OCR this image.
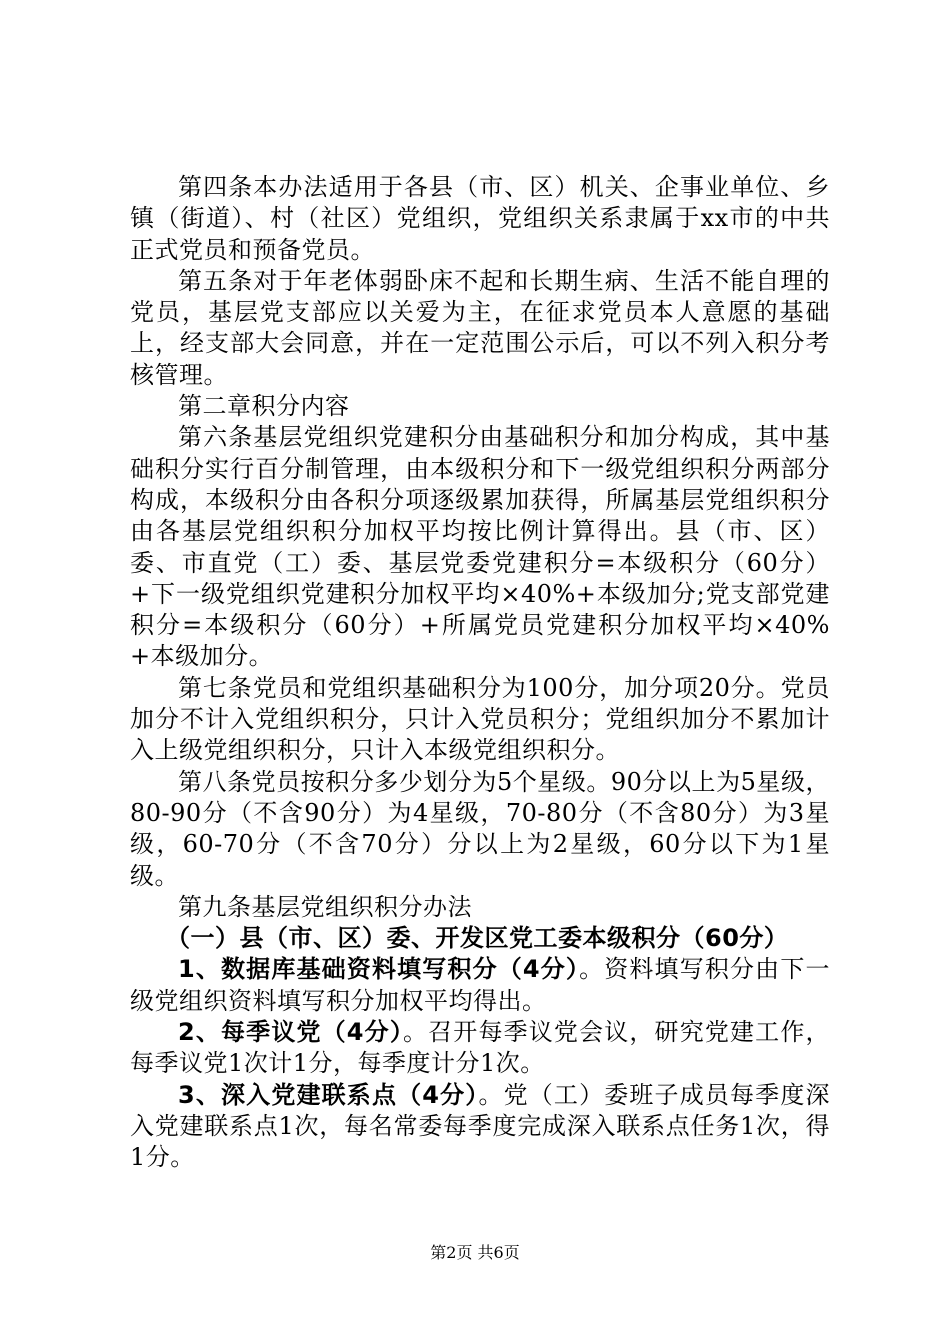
第四条本办法适用于各县（市、区）机关、企事业单位、乡镇（街道）、村（社区）党组织，党组织关系隶属于xx市的中共正式党员和预备党员。

第五条对于年老体弱卧床不起和长期生病、生活不能自理的党员，基层党支部应以关爱为主，在征求党员本人意愿的基础上，经支部大会同意，并在一定范围公示后，可以不列入积分考核管理。

第二章积分内容

第六条基层党组织党建积分由基础积分和加分构成，其中基础积分实行百分制管理，由本级积分和下一级党组织积分两部分构成，本级积分由各积分项逐级累加获得，所属基层党组织积分由各基层党组织积分加权平均按比例计算得出。县（市、区）委、市直党（工）委、基层党委党建积分=本级积分（60分）+下一级党组织党建积分加权平均×40%+本级加分;党支部党建积分=本级积分（60分）+所属党员党建积分加权平均×40%+本级加分。

第七条党员和党组织基础积分为100分，加分项20分。党员加分不计入党组织积分，只计入党员积分；党组织加分不累加计入上级党组织积分，只计入本级党组织积分。

第八条党员按积分多少划分为5个星级。90分以上为5星级，80-90分（不含90分）为4星级，70-80分（不含80分）为3星级，60-70分（不含70分）分以上为2星级，60分以下为1星级。

第九条基层党组织积分办法

（一）县（市、区）委、开发区党工委本级积分（60分）

1、数据库基础资料填写积分（4分）。资料填写积分由下一级党组织资料填写积分加权平均得出。

2、每季议党（4分）。召开每季议党会议，研究党建工作，每季议党1次计1分，每季度计分1次。

3、深入党建联系点（4分）。党（工）委班子成员每季度深入党建联系点1次，每名常委每季度完成深入联系点任务1次，得1分。

第2页 共6页
